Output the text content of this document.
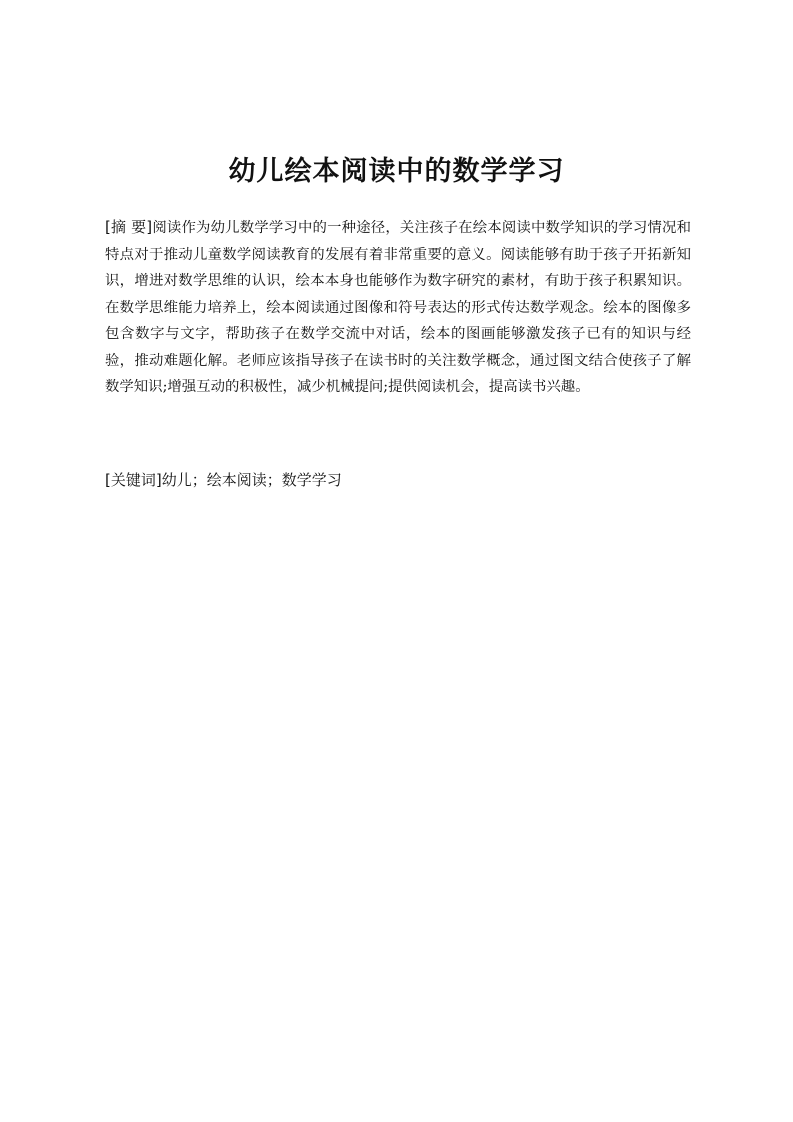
幼儿绘本阅读中的数学学习

[摘 要]阅读作为幼儿数学学习中的一种途径，关注孩子在绘本阅读中数学知识的学习情况和特点对于推动儿童数学阅读教育的发展有着非常重要的意义。阅读能够有助于孩子开拓新知识，增进对数学思维的认识，绘本本身也能够作为数字研究的素材，有助于孩子积累知识。在数学思维能力培养上，绘本阅读通过图像和符号表达的形式传达数学观念。绘本的图像多包含数字与文字，帮助孩子在数学交流中对话，绘本的图画能够激发孩子已有的知识与经验，推动难题化解。老师应该指导孩子在读书时的关注数学概念，通过图文结合使孩子了解数学知识;增强互动的积极性，减少机械提问;提供阅读机会，提高读书兴趣。

[关键词]幼儿；绘本阅读；数学学习
